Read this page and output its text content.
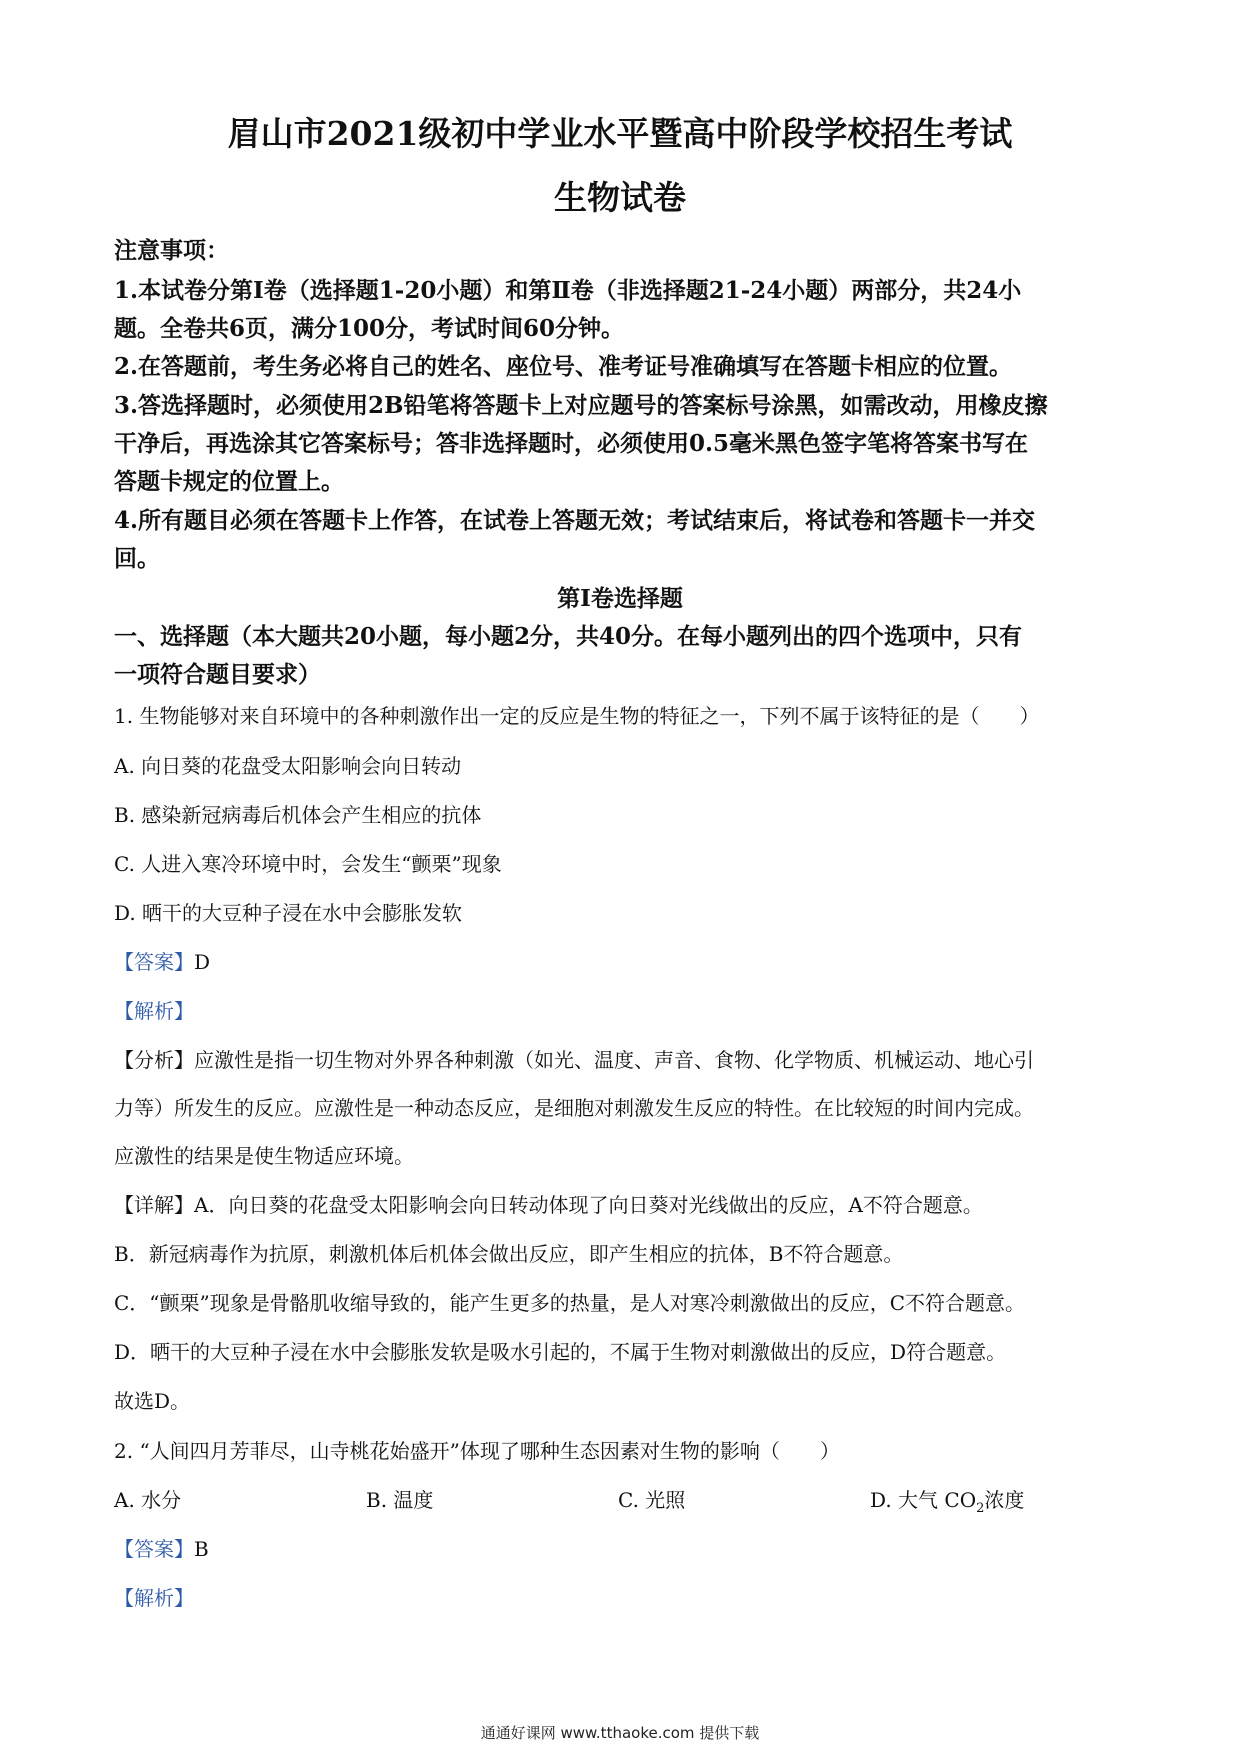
眉山市2021级初中学业水平暨高中阶段学校招生考试
生物试卷
注意事项：
1.本试卷分第Ⅰ卷（选择题1-20小题）和第Ⅱ卷（非选择题21-24小题）两部分，共24小
题。全卷共6页，满分100分，考试时间60分钟。
2.在答题前，考生务必将自己的姓名、座位号、准考证号准确填写在答题卡相应的位置。
3.答选择题时，必须使用2B铅笔将答题卡上对应题号的答案标号涂黑，如需改动，用橡皮擦
干净后，再选涂其它答案标号；答非选择题时，必须使用0.5毫米黑色签字笔将答案书写在
答题卡规定的位置上。
4.所有题目必须在答题卡上作答，在试卷上答题无效；考试结束后，将试卷和答题卡一并交
回。
第Ⅰ卷选择题
一、选择题（本大题共20小题，每小题2分，共40分。在每小题列出的四个选项中，只有
一项符合题目要求）
1. 生物能够对来自环境中的各种刺激作出一定的反应是生物的特征之一，下列不属于该特征的是（　　）
A. 向日葵的花盘受太阳影响会向日转动
B. 感染新冠病毒后机体会产生相应的抗体
C. 人进入寒冷环境中时，会发生“颤栗”现象
D. 晒干的大豆种子浸在水中会膨胀发软
【答案】D
【解析】
【分析】应激性是指一切生物对外界各种刺激（如光、温度、声音、食物、化学物质、机械运动、地心引
力等）所发生的反应。应激性是一种动态反应，是细胞对刺激发生反应的特性。在比较短的时间内完成。
应激性的结果是使生物适应环境。
【详解】A．向日葵的花盘受太阳影响会向日转动体现了向日葵对光线做出的反应，A不符合题意。
B．新冠病毒作为抗原，刺激机体后机体会做出反应，即产生相应的抗体，B不符合题意。
C．“颤栗”现象是骨骼肌收缩导致的，能产生更多的热量，是人对寒冷刺激做出的反应，C不符合题意。
D．晒干的大豆种子浸在水中会膨胀发软是吸水引起的，不属于生物对刺激做出的反应，D符合题意。
故选D。
2. “人间四月芳菲尽，山寺桃花始盛开”体现了哪种生态因素对生物的影响（　　）
A. 水分	B. 温度	C. 光照	D. 大气 $CO_2$浓度
【答案】B
【解析】
通通好课网 www.tthaoke.com 提供下载
